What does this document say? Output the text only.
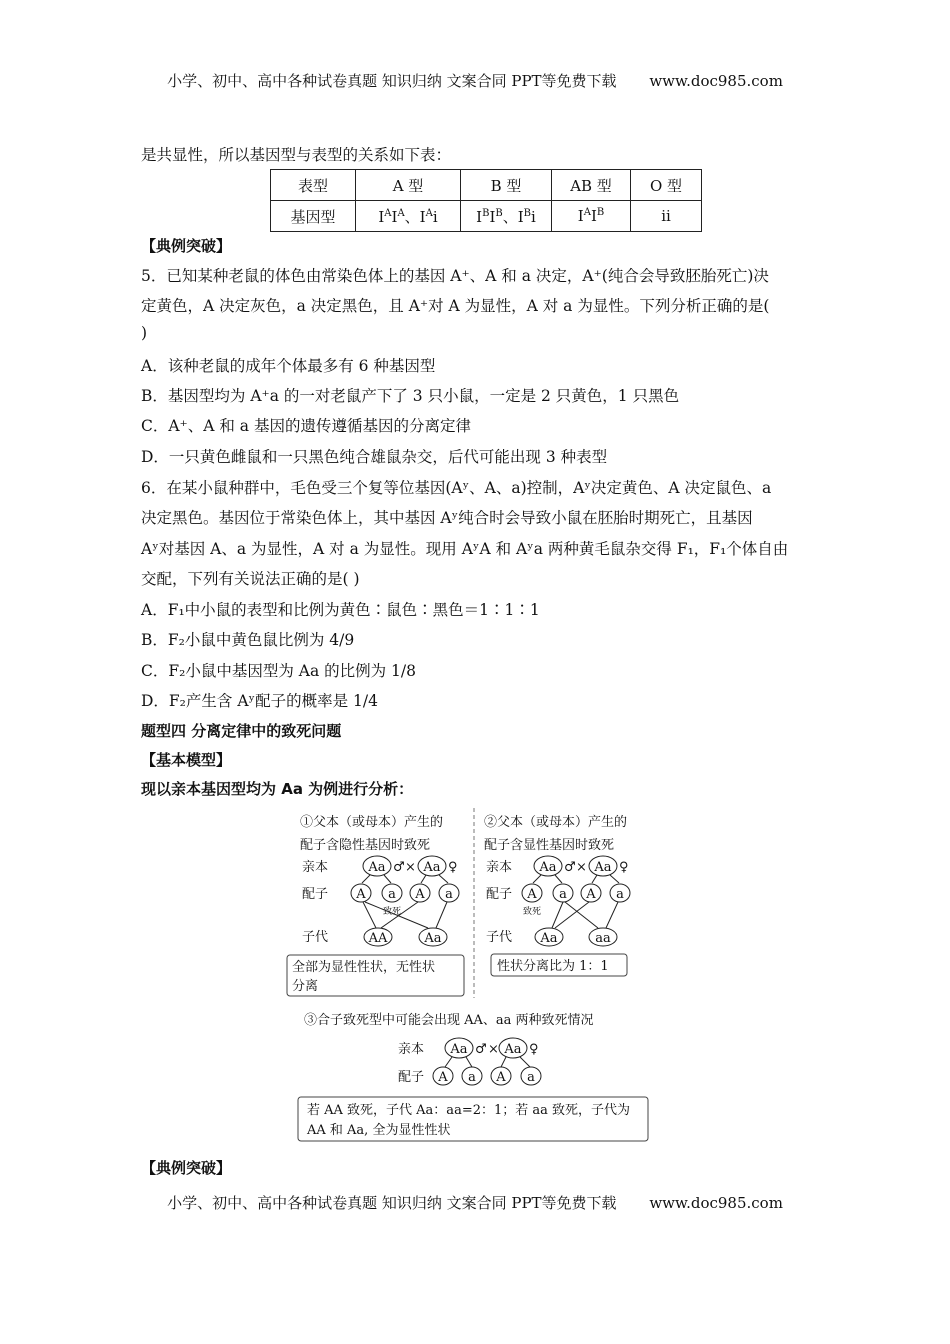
小学、初中、高中各种试卷真题 知识归纳 文案合同 PPT等免费下载 www.doc985.com
是共显性，所以基因型与表型的关系如下表：
表型	A 型	B 型	AB 型	O 型
基因型	$I^AI^A$、$I^Ai$	$I^BI^B$、$I^Bi$	$I^AI^B$	ii
【典例突破】
5．已知某种老鼠的体色由常染色体上的基因 A⁺、A 和 a 决定，A⁺(纯合会导致胚胎死亡)决
定黄色，A 决定灰色，a 决定黑色，且 A⁺对 A 为显性，A 对 a 为显性。下列分析正确的是(
)
A．该种老鼠的成年个体最多有 6 种基因型
B．基因型均为 A⁺a 的一对老鼠产下了 3 只小鼠，一定是 2 只黄色，1 只黑色
C．A⁺、A 和 a 基因的遗传遵循基因的分离定律
D．一只黄色雌鼠和一只黑色纯合雄鼠杂交，后代可能出现 3 种表型
6．在某小鼠种群中，毛色受三个复等位基因(Aʸ、A、a)控制，Aʸ决定黄色、A 决定鼠色、a
决定黑色。基因位于常染色体上，其中基因 Aʸ纯合时会导致小鼠在胚胎时期死亡，且基因
Aʸ对基因 A、a 为显性，A 对 a 为显性。现用 AʸA 和 Aʸa 两种黄毛鼠杂交得 F₁，F₁个体自由
交配，下列有关说法正确的是( )
A．F₁中小鼠的表型和比例为黄色∶鼠色∶黑色＝1∶1∶1
B．F₂小鼠中黄色鼠比例为 4/9
C．F₂小鼠中基因型为 Aa 的比例为 1/8
D．F₂产生含 Aʸ配子的概率是 1/4
题型四 分离定律中的致死问题
【基本模型】
现以亲本基因型均为 Aa 为例进行分析：
①父本（或母本）产生的
配子含隐性基因时致死
亲本
配子
子代
Aa ♂ × Aa ♀
A a A a
致死
AA	Aa
全部为显性性状，无性状
分离
②父本（或母本）产生的
配子含显性基因时致死
亲本
配子
子代
Aa ♂ × Aa ♀
A a A a
致死
Aa	aa
性状分离比为 1：1
③合子致死型中可能会出现 AA、aa 两种致死情况
亲本
配子
Aa ♂ × Aa ♀
A a A a
若 AA 致死，子代 Aa：aa=2：1；若 aa 致死，子代为
AA 和 Aa, 全为显性性状
【典例突破】
小学、初中、高中各种试卷真题 知识归纳 文案合同 PPT等免费下载 www.doc985.com
